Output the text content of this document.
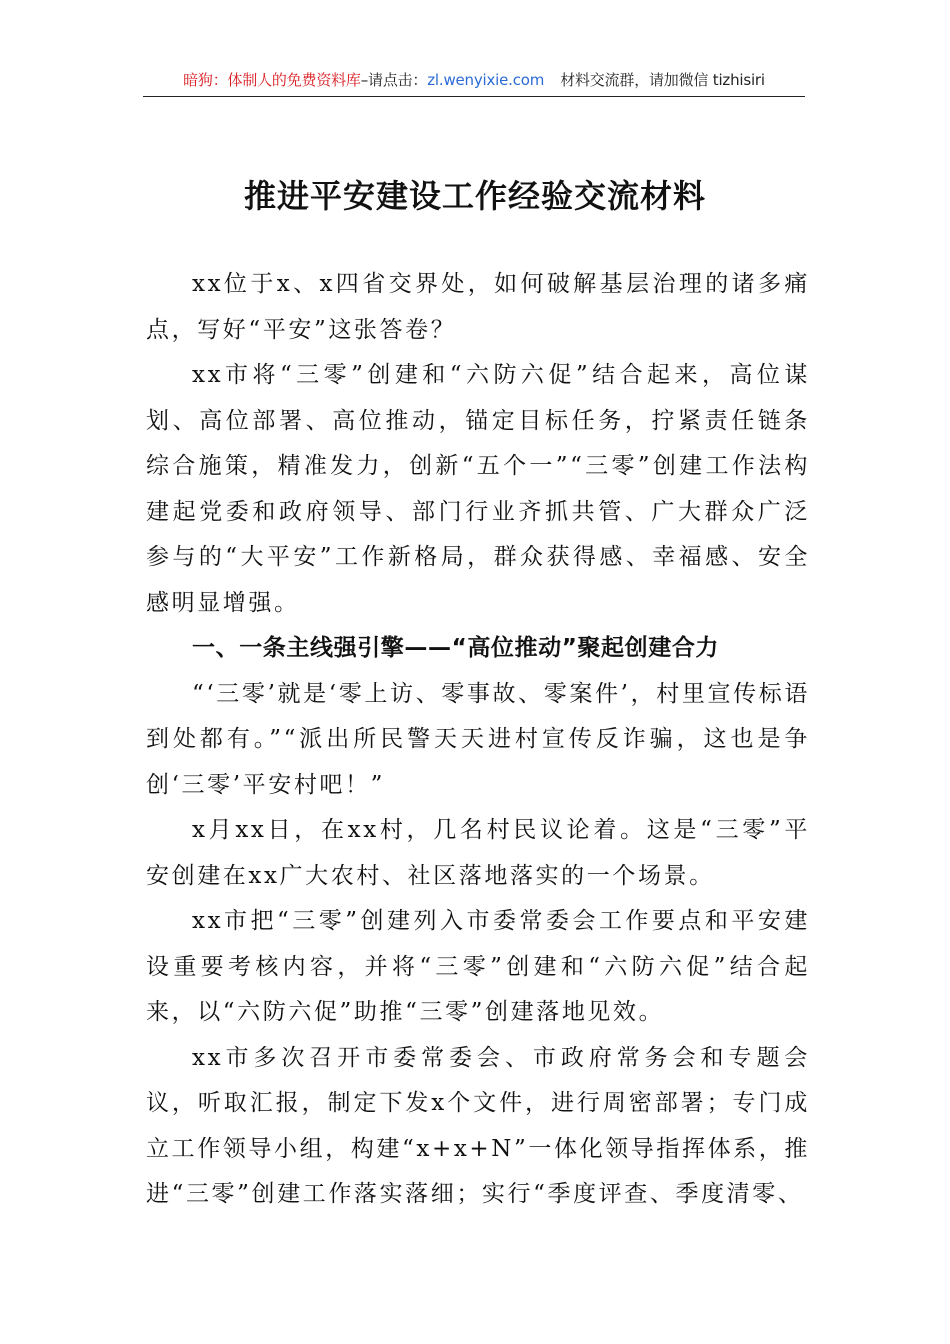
暗狗：体制人的免费资料库–请点击：zl.wenyixie.com 材料交流群，请加微信 tizhisiri
推进平安建设工作经验交流材料

xx位于x、x四省交界处，如何破解基层治理的诸多痛点，写好“平安”这张答卷？

xx市将“三零”创建和“六防六促”结合起来，高位谋划、高位部署、高位推动，锚定目标任务，拧紧责任链条综合施策，精准发力，创新“五个一”“三零”创建工作法构建起党委和政府领导、部门行业齐抓共管、广大群众广泛参与的“大平安”工作新格局，群众获得感、幸福感、安全感明显增强。

一、一条主线强引擎——“高位推动”聚起创建合力

“‘三零’就是‘零上访、零事故、零案件’，村里宣传标语到处都有。”“派出所民警天天进村宣传反诈骗，这也是争创‘三零’平安村吧！”

x月xx日，在xx村，几名村民议论着。这是“三零”平安创建在xx广大农村、社区落地落实的一个场景。

xx市把“三零”创建列入市委常委会工作要点和平安建设重要考核内容，并将“三零”创建和“六防六促”结合起来，以“六防六促”助推“三零”创建落地见效。

xx市多次召开市委常委会、市政府常务会和专题会议，听取汇报，制定下发x个文件，进行周密部署；专门成立工作领导小组，构建“x+x+N”一体化领导指挥体系，推进“三零”创建工作落实落细；实行“季度评查、季度清零、
